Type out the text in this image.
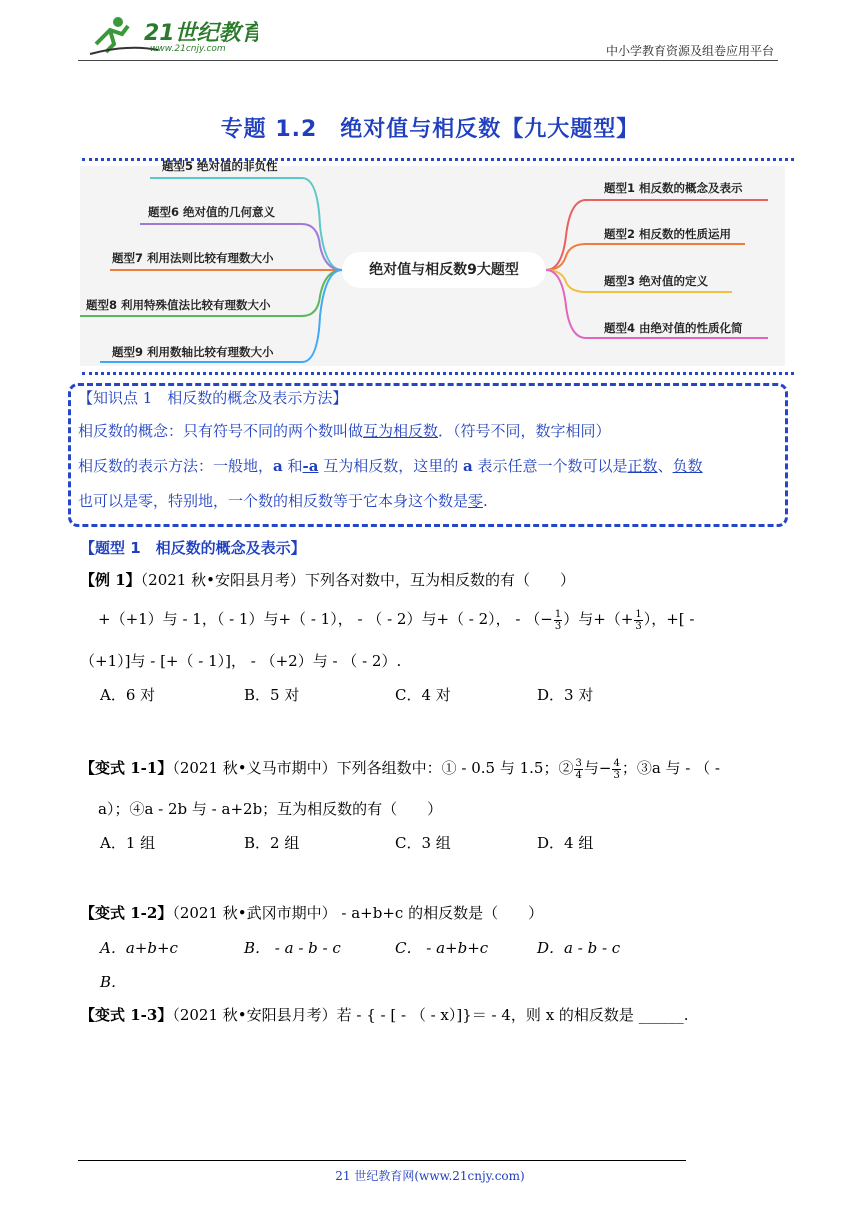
21世纪教育
www.21cnjy.com	中小学教育资源及组卷应用平台
专题 1.2　绝对值与相反数【九大题型】
绝对值与相反数9大题型
题型5 绝对值的非负性
题型6 绝对值的几何意义
题型7 利用法则比较有理数大小
题型8 利用特殊值法比较有理数大小
题型9 利用数轴比较有理数大小
题型1 相反数的概念及表示
题型2 相反数的性质运用
题型3 绝对值的定义
题型4 由绝对值的性质化简
【知识点 1　相反数的概念及表示方法】
相反数的概念：只有符号不同的两个数叫做互为相反数．（符号不同，数字相同）
相反数的表示方法：一般地，a 和-a 互为相反数，这里的 a 表示任意一个数可以是正数、负数
也可以是零，特别地，一个数的相反数等于它本身这个数是零.
【题型 1　相反数的概念及表示】
【例 1】（2021 秋•安阳县月考）下列各对数中，互为相反数的有（　　）
+（+1）与 - 1，（ - 1）与+（ - 1）， - （ - 2）与+（ - 2）， - （− $\frac{1}{3}$ ）与+（+ $\frac{1}{3}$ ），+[ -
（+1）]与 - [+（ - 1）]， - （+2）与 - （ - 2）.
A．6 对	B．5 对	C．4 对	D．3 对
【变式 1-1】（2021 秋•义马市期中）下列各组数中：① - 0.5 与 1.5；② $\frac{3}{4}$ 与− $\frac{4}{3}$ ；③a 与 - （ -
a）；④a - 2b 与 - a+2b；互为相反数的有（　　）
A．1 组	B．2 组	C．3 组	D．4 组
【变式 1-2】（2021 秋•武冈市期中） - a+b+c 的相反数是（　　）
A．a+b+c	B． - a - b - c	C． - a+b+c	D．a - b - c
B．
【变式 1-3】（2021 秋•安阳县月考）若 - { - [ - （ - x）]}＝ - 4，则 x 的相反数是 ______.
21 世纪教育网(www.21cnjy.com)
